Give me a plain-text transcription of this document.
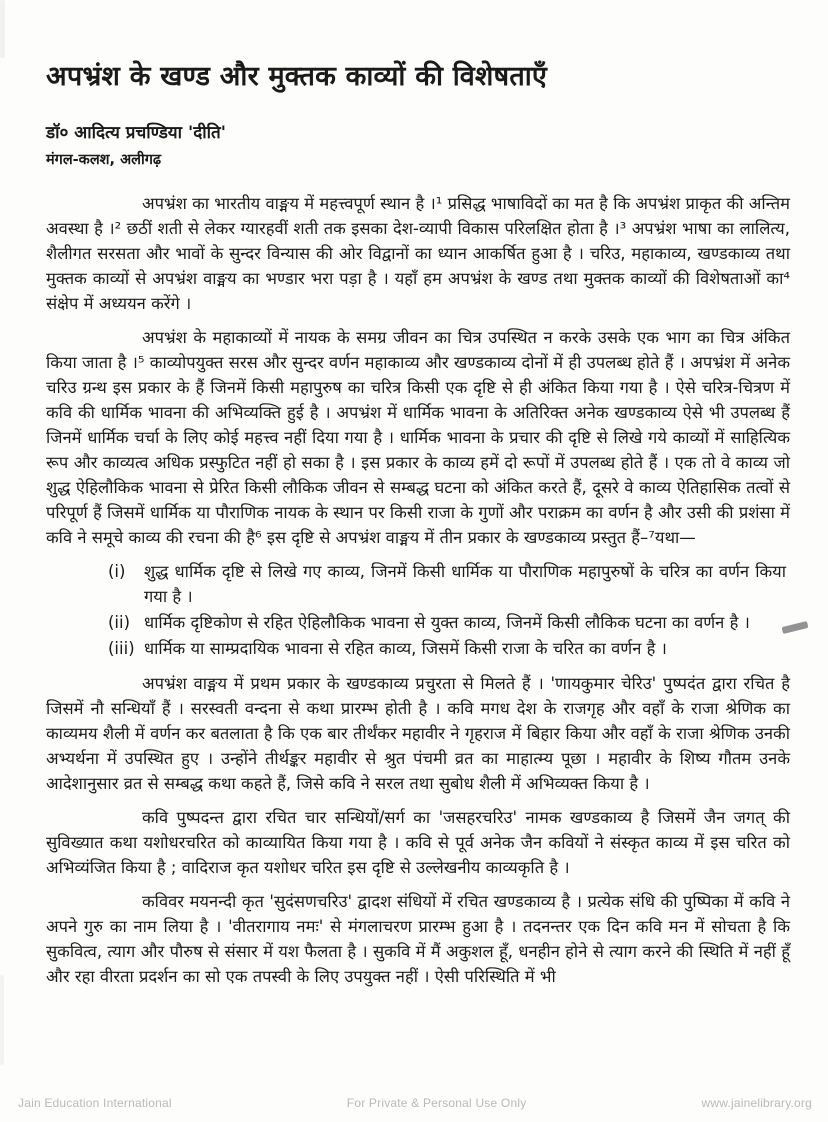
अपभ्रंश के खण्ड और मुक्तक काव्यों की विशेषताएँ
डॉ० आदित्य प्रचण्डिया 'दीति'
मंगल-कलश, अलीगढ़

अपभ्रंश का भारतीय वाङ्मय में महत्त्वपूर्ण स्थान है ।¹ प्रसिद्ध भाषाविदों का मत है कि अपभ्रंश प्राकृत की अन्तिम अवस्था है ।² छठीं शती से लेकर ग्यारहवीं शती तक इसका देश-व्यापी विकास परिलक्षित होता है ।³ अपभ्रंश भाषा का लालित्य, शैलीगत सरसता और भावों के सुन्दर विन्यास की ओर विद्वानों का ध्यान आकर्षित हुआ है । चरिउ, महाकाव्य, खण्डकाव्य तथा मुक्तक काव्यों से अपभ्रंश वाङ्मय का भण्डार भरा पड़ा है । यहाँ हम अपभ्रंश के खण्ड तथा मुक्तक काव्यों की विशेषताओं का⁴ संक्षेप में अध्ययन करेंगे ।

अपभ्रंश के महाकाव्यों में नायक के समग्र जीवन का चित्र उपस्थित न करके उसके एक भाग का चित्र अंकित किया जाता है ।⁵ काव्योपयुक्त सरस और सुन्दर वर्णन महाकाव्य और खण्डकाव्य दोनों में ही उपलब्ध होते हैं । अपभ्रंश में अनेक चरिउ ग्रन्थ इस प्रकार के हैं जिनमें किसी महापुरुष का चरित्र किसी एक दृष्टि से ही अंकित किया गया है । ऐसे चरित्र-चित्रण में कवि की धार्मिक भावना की अभिव्यक्ति हुई है । अपभ्रंश में धार्मिक भावना के अतिरिक्त अनेक खण्डकाव्य ऐसे भी उपलब्ध हैं जिनमें धार्मिक चर्चा के लिए कोई महत्त्व नहीं दिया गया है । धार्मिक भावना के प्रचार की दृष्टि से लिखे गये काव्यों में साहित्यिक रूप और काव्यत्व अधिक प्रस्फुटित नहीं हो सका है । इस प्रकार के काव्य हमें दो रूपों में उपलब्ध होते हैं । एक तो वे काव्य जो शुद्ध ऐहिलौकिक भावना से प्रेरित किसी लौकिक जीवन से सम्बद्ध घटना को अंकित करते हैं, दूसरे वे काव्य ऐतिहासिक तत्वों से परिपूर्ण हैं जिसमें धार्मिक या पौराणिक नायक के स्थान पर किसी राजा के गुणों और पराक्रम का वर्णन है और उसी की प्रशंसा में कवि ने समूचे काव्य की रचना की है⁶ इस दृष्टि से अपभ्रंश वाङ्मय में तीन प्रकार के खण्डकाव्य प्रस्तुत हैं–⁷यथा—

(i)	शुद्ध धार्मिक दृष्टि से लिखे गए काव्य, जिनमें किसी धार्मिक या पौराणिक महापुरुषों के चरित्र का वर्णन किया गया है ।
(ii) धार्मिक दृष्टिकोण से रहित ऐहिलौकिक भावना से युक्त काव्य, जिनमें किसी लौकिक घटना का वर्णन है ।
(iii) धार्मिक या साम्प्रदायिक भावना से रहित काव्य, जिसमें किसी राजा के चरित का वर्णन है ।

अपभ्रंश वाङ्मय में प्रथम प्रकार के खण्डकाव्य प्रचुरता से मिलते हैं । 'णायकुमार चेरिउ' पुष्पदंत द्वारा रचित है जिसमें नौ सन्धियाँ हैं । सरस्वती वन्दना से कथा प्रारम्भ होती है । कवि मगध देश के राजगृह और वहाँ के राजा श्रेणिक का काव्यमय शैली में वर्णन कर बतलाता है कि एक बार तीर्थंकर महावीर ने गृहराज में बिहार किया और वहाँ के राजा श्रेणिक उनकी अभ्यर्थना में उपस्थित हुए । उन्होंने तीर्थङ्कर महावीर से श्रुत पंचमी व्रत का माहात्म्य पूछा । महावीर के शिष्य गौतम उनके आदेशानुसार व्रत से सम्बद्ध कथा कहते हैं, जिसे कवि ने सरल तथा सुबोध शैली में अभिव्यक्त किया है ।

कवि पुष्पदन्त द्वारा रचित चार सन्धियों/सर्ग का 'जसहरचरिउ' नामक खण्डकाव्य है जिसमें जैन जगत् की सुविख्यात कथा यशोधरचरित को काव्यायित किया गया है । कवि से पूर्व अनेक जैन कवियों ने संस्कृत काव्य में इस चरित को अभिव्यंजित किया है ; वादिराज कृत यशोधर चरित इस दृष्टि से उल्लेखनीय काव्यकृति है ।

कविवर मयनन्दी कृत 'सुदंसणचरिउ' द्वादश संधियों में रचित खण्डकाव्य है । प्रत्येक संधि की पुष्पिका में कवि ने अपने गुरु का नाम लिया है । 'वीतरागाय नमः' से मंगलाचरण प्रारम्भ हुआ है । तदनन्तर एक दिन कवि मन में सोचता है कि सुकवित्व, त्याग और पौरुष से संसार में यश फैलता है । सुकवि में मैं अकुशल हूँ, धनहीन होने से त्याग करने की स्थिति में नहीं हूँ और रहा वीरता प्रदर्शन का सो एक तपस्वी के लिए उपयुक्त नहीं । ऐसी परिस्थिति में भी

Jain Education International	For Private & Personal Use Only	www.jainelibrary.org
